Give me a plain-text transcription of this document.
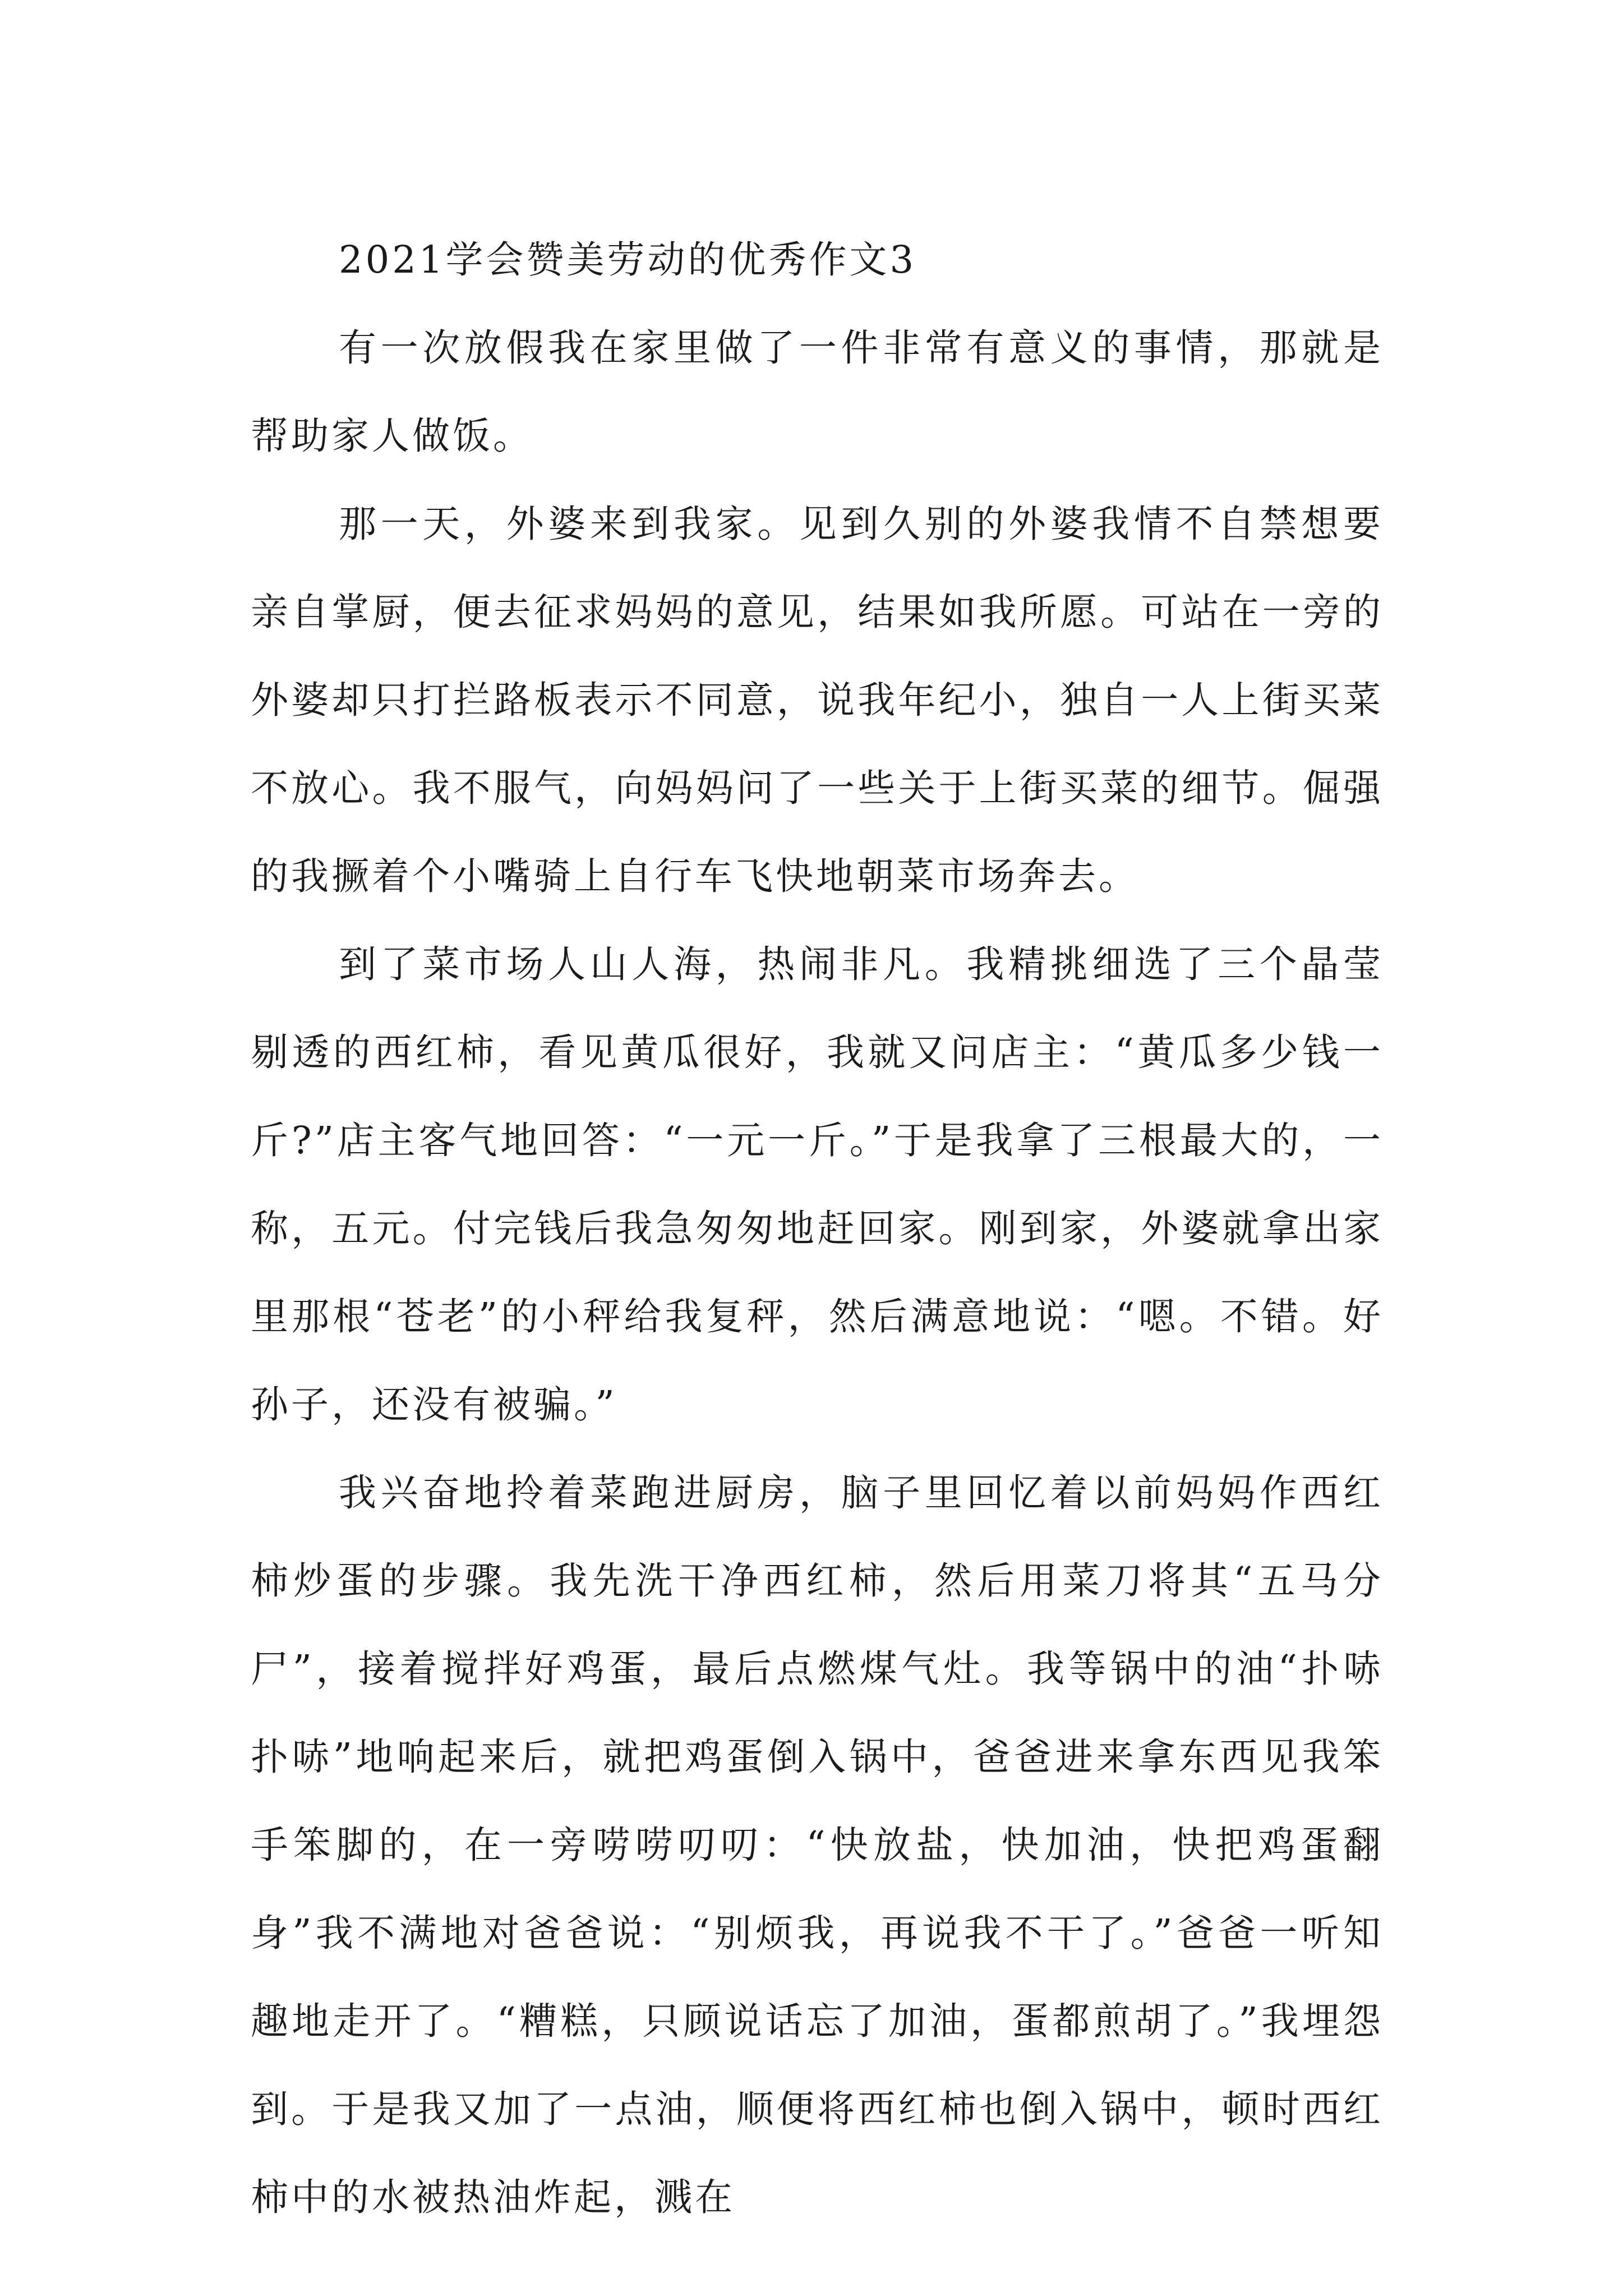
2021学会赞美劳动的优秀作文3

有一次放假我在家里做了一件非常有意义的事情，那就是帮助家人做饭。

那一天，外婆来到我家。见到久别的外婆我情不自禁想要亲自掌厨，便去征求妈妈的意见，结果如我所愿。可站在一旁的外婆却只打拦路板表示不同意，说我年纪小，独自一人上街买菜不放心。我不服气，向妈妈问了一些关于上街买菜的细节。倔强的我撅着个小嘴骑上自行车飞快地朝菜市场奔去。

到了菜市场人山人海，热闹非凡。我精挑细选了三个晶莹剔透的西红柿，看见黄瓜很好，我就又问店主：“黄瓜多少钱一斤?”店主客气地回答：“一元一斤。”于是我拿了三根最大的，一称，五元。付完钱后我急匆匆地赶回家。刚到家，外婆就拿出家里那根“苍老”的小秤给我复秤，然后满意地说：“嗯。不错。好孙子，还没有被骗。”

我兴奋地拎着菜跑进厨房，脑子里回忆着以前妈妈作西红柿炒蛋的步骤。我先洗干净西红柿，然后用菜刀将其“五马分尸”，接着搅拌好鸡蛋，最后点燃煤气灶。我等锅中的油“扑哧扑哧”地响起来后，就把鸡蛋倒入锅中，爸爸进来拿东西见我笨手笨脚的，在一旁唠唠叨叨：“快放盐，快加油，快把鸡蛋翻身”我不满地对爸爸说：“别烦我，再说我不干了。”爸爸一听知趣地走开了。“糟糕，只顾说话忘了加油，蛋都煎胡了。”我埋怨到。于是我又加了一点油，顺便将西红柿也倒入锅中，顿时西红柿中的水被热油炸起，溅在
